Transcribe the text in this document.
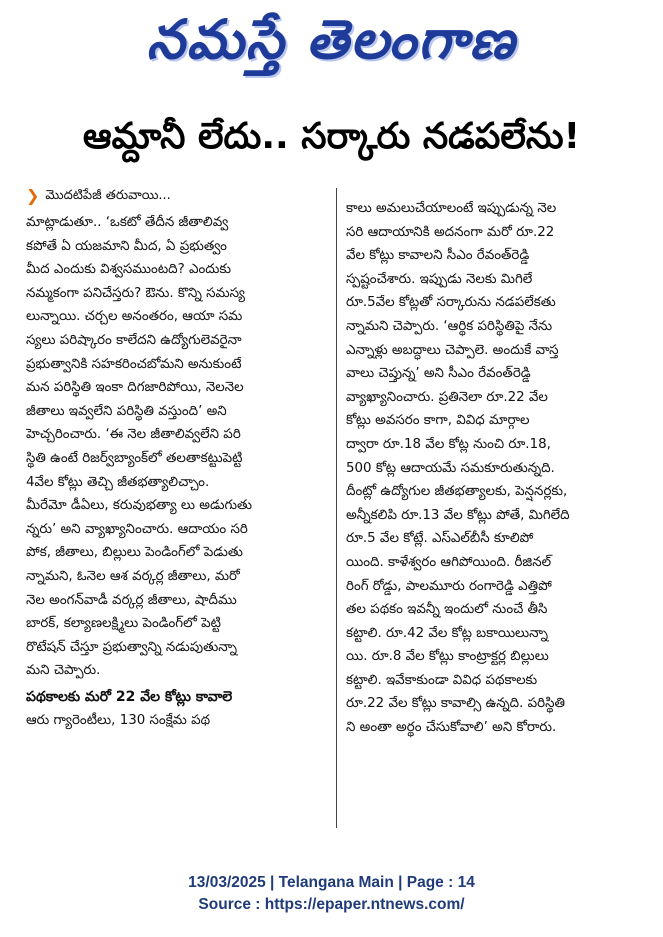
నమస్తే తెలంగాణ
ఆమ్దానీ లేదు.. సర్కారు నడపలేను!
❯ మొదటిపేజీ తరువాయి...
మాట్లాడుతూ.. ‘ఒకటో తేదీన జీతాలివ్వ
కపోతే ఏ యజమాని మీద, ఏ ప్రభుత్వం
మీద ఎందుకు విశ్వసముంటది? ఎందుకు
నమ్మకంగా పనిచేస్తరు? ఔను. కొన్ని సమస్య
లున్నాయి. చర్చల అనంతరం, ఆయా సమ
స్యలు పరిష్కారం కాలేదని ఉద్యోగులెవరైనా
ప్రభుత్వానికి సహకరించబోమని అనుకుంటే
మన పరిస్థితి ఇంకా దిగజారిపోయి, నెలనెల
జీతాలు ఇవ్వలేని పరిస్థితి వస్తుంది’ అని
హెచ్చరించారు. ‘ఈ నెల జీతాలివ్వలేని పరి
స్థితి ఉంటే రిజర్వ్‌బ్యాంక్‌లో తలతాకట్టుపెట్టి
4వేల కోట్లు తెచ్చి జీతభత్యాలిచ్చాం.
మీరేమో డీఏలు, కరువుభత్యా లు అడుగుతు
న్నరు’ అని వ్యాఖ్యానించారు. ఆదాయం సరి
పోక, జీతాలు, బిల్లులు పెండింగ్‌లో పెడుతు
న్నామని, ఓనెల ఆశ వర్కర్ల జీతాలు, మరో
నెల అంగన్‌వాడీ వర్కర్ల జీతాలు, షాదీము
బారక్, కల్యాణలక్ష్మిలు పెండింగ్‌లో పెట్టి
రొటేషన్ చేస్తూ ప్రభుత్వాన్ని నడుపుతున్నా
మని చెప్పారు.
పథకాలకు మరో 22 వేల కోట్లు కావాలె
ఆరు గ్యారెంటీలు, 130 సంక్షేమ పథ
కాలు అమలుచేయాలంటే ఇప్పుడున్న నెల
సరి ఆదాయానికి అదనంగా మరో రూ.22
వేల కోట్లు కావాలని సీఎం రేవంత్‌రెడ్డి
స్పష్టంచేశారు. ఇప్పుడు నెలకు మిగిలే
రూ.5వేల కోట్లతో సర్కారును నడపలేకతు
న్నామని చెప్పారు. ‘ఆర్థిక పరిస్థితిపై నేను
ఎన్నాళ్లు అబద్ధాలు చెప్పాలె. అందుకే వాస్త
వాలు చెప్తున్న’ అని సీఎం రేవంత్‌రెడ్డి
వ్యాఖ్యానించారు. ప్రతినెలా రూ.22 వేల
కోట్లు అవసరం కాగా, వివిధ మార్గాల
ద్వారా రూ.18 వేల కోట్ల నుంచి రూ.18,
500 కోట్ల ఆదాయమే సమకూరుతున్నది.
దీంట్లో ఉద్యోగుల జీతభత్యాలకు, పెన్షనర్లకు,
అన్నీకలిపి రూ.13 వేల కోట్లు పోతే, మిగిలేది
రూ.5 వేల కోట్లే. ఎస్ఎల్‌బీసీ కూలిపో
యింది. కాళేశ్వరం ఆగిపోయింది. రీజినల్
రింగ్ రోడ్డు, పాలమూరు రంగారెడ్డి ఎత్తిపో
తల పథకం ఇవన్నీ ఇందులో నుంచే తీసి
కట్టాలి. రూ.42 వేల కోట్ల బకాయిలున్నా
యి. రూ.8 వేల కోట్లు కాంట్రాక్టర్ల బిల్లులు
కట్టాలి. ఇవేకాకుండా వివిధ పథకాలకు
రూ.22 వేల కోట్లు కావాల్సి ఉన్నది. పరిస్థితి
ని అంతా అర్థం చేసుకోవాలి’ అని కోరారు.
13/03/2025 | Telangana Main | Page : 14
Source : https://epaper.ntnews.com/
